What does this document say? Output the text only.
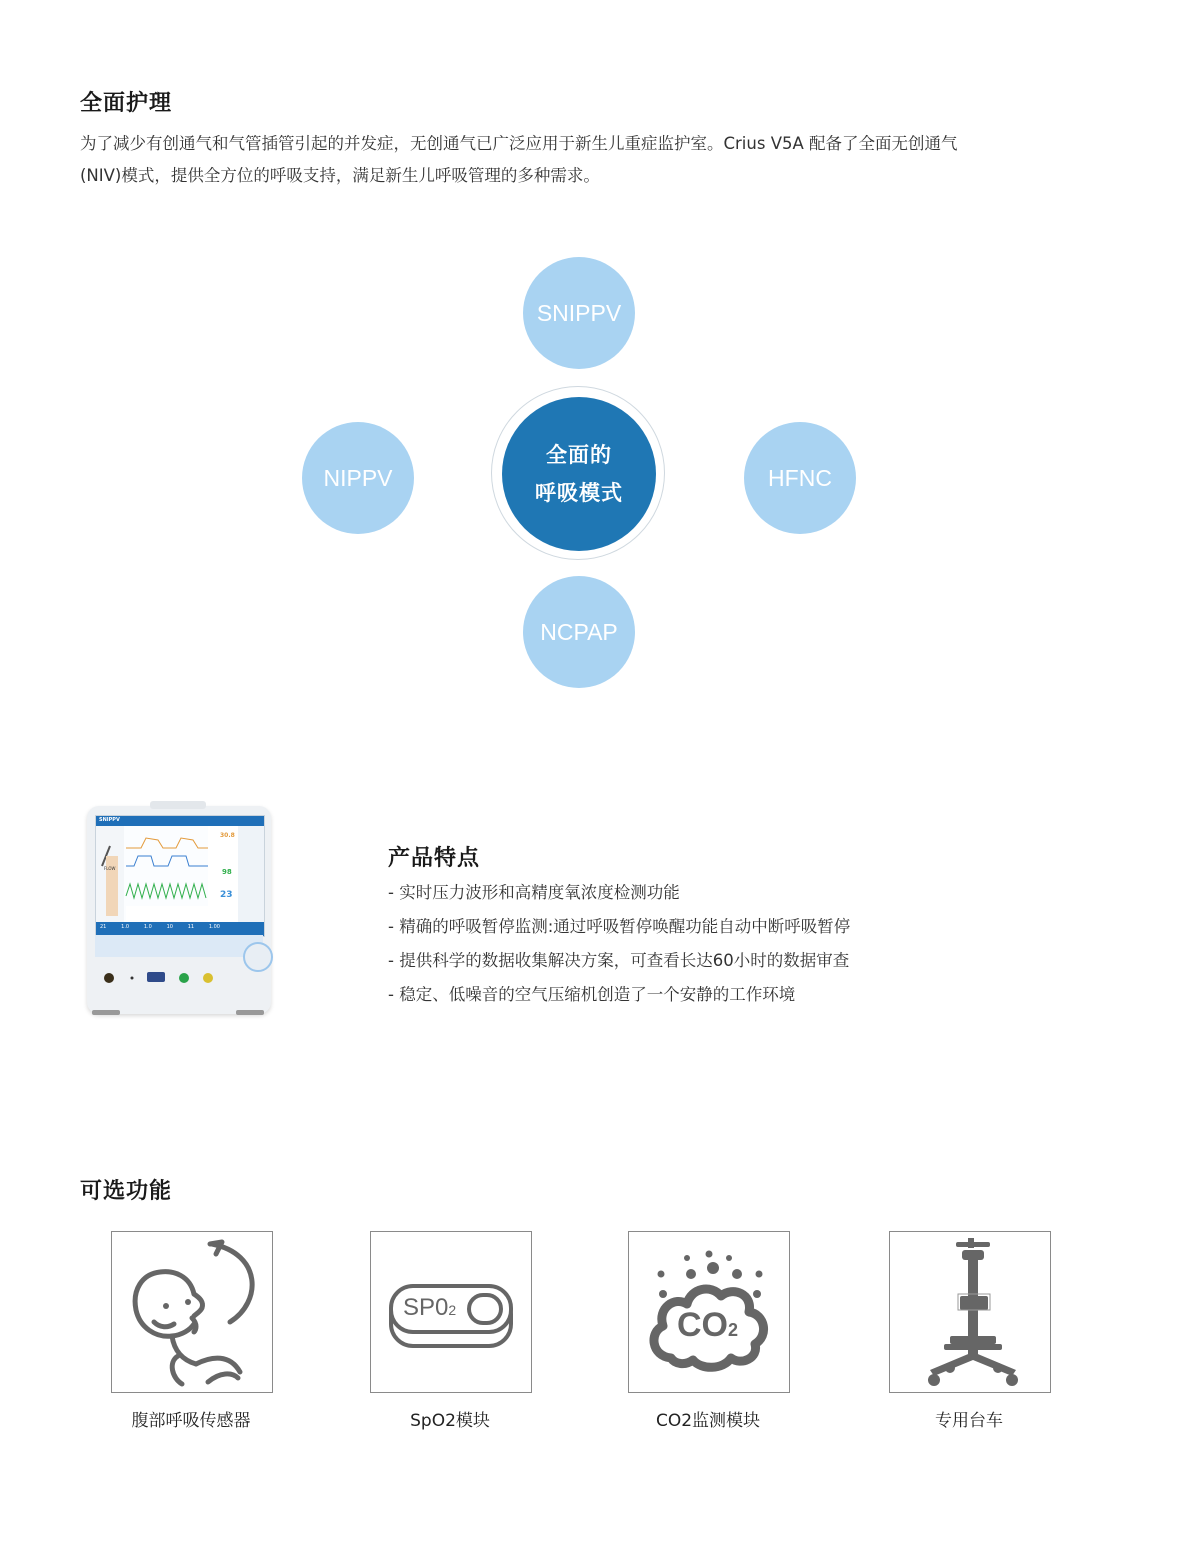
全面护理
为了减少有创通气和气管插管引起的并发症，无创通气已广泛应用于新生儿重症监护室。Crius V5A 配备了全面无创通气
(NIV)模式，提供全方位的呼吸支持，满足新生儿呼吸管理的多种需求。
SNIPPV
NIPPV	HFNC
NCPAP
全面的
呼吸模式
SNIPPV
30.8
98
23
FLOW
21	1.0	1.0	10	11	1.00
产品特点
- 实时压力波形和高精度氧浓度检测功能
- 精确的呼吸暂停监测:通过呼吸暂停唤醒功能自动中断呼吸暂停
- 提供科学的数据收集解决方案，可查看长达60小时的数据审查
- 稳定、低噪音的空气压缩机创造了一个安静的工作环境
可选功能
腹部呼吸传感器
SP02
SpO2模块
CO2
CO2监测模块	专用台车
